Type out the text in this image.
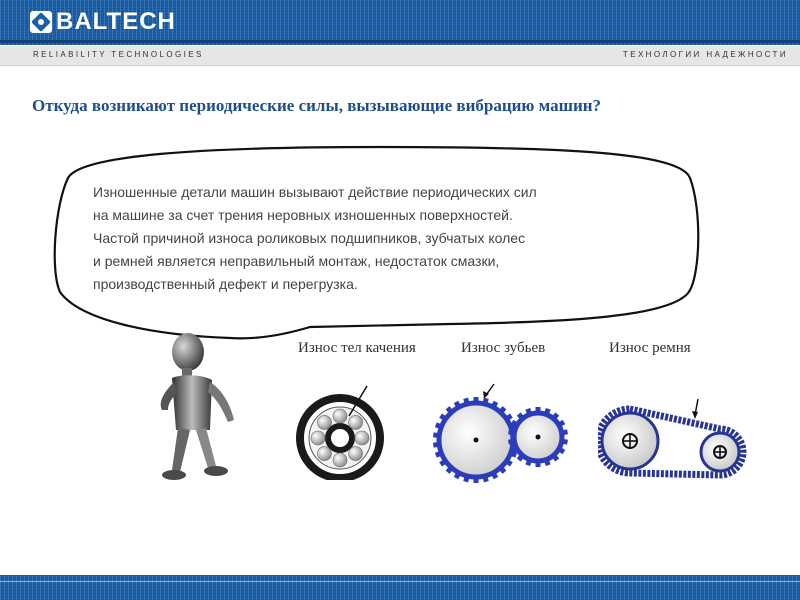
BALTECH
RELIABILITY TECHNOLOGIES	ТЕХНОЛОГИИ НАДЕЖНОСТИ
Откуда возникают периодические силы, вызывающие вибрацию машин?
Изношенные детали машин вызывают действие периодических сил
на машине за счет трения неровных изношенных поверхностей.
Частой причиной износа роликовых подшипников, зубчатых колес
и ремней является неправильный монтаж, недостаток смазки,
производственный дефект и перегрузка.
Износ тел качения	Износ зубьев	Износ ремня
